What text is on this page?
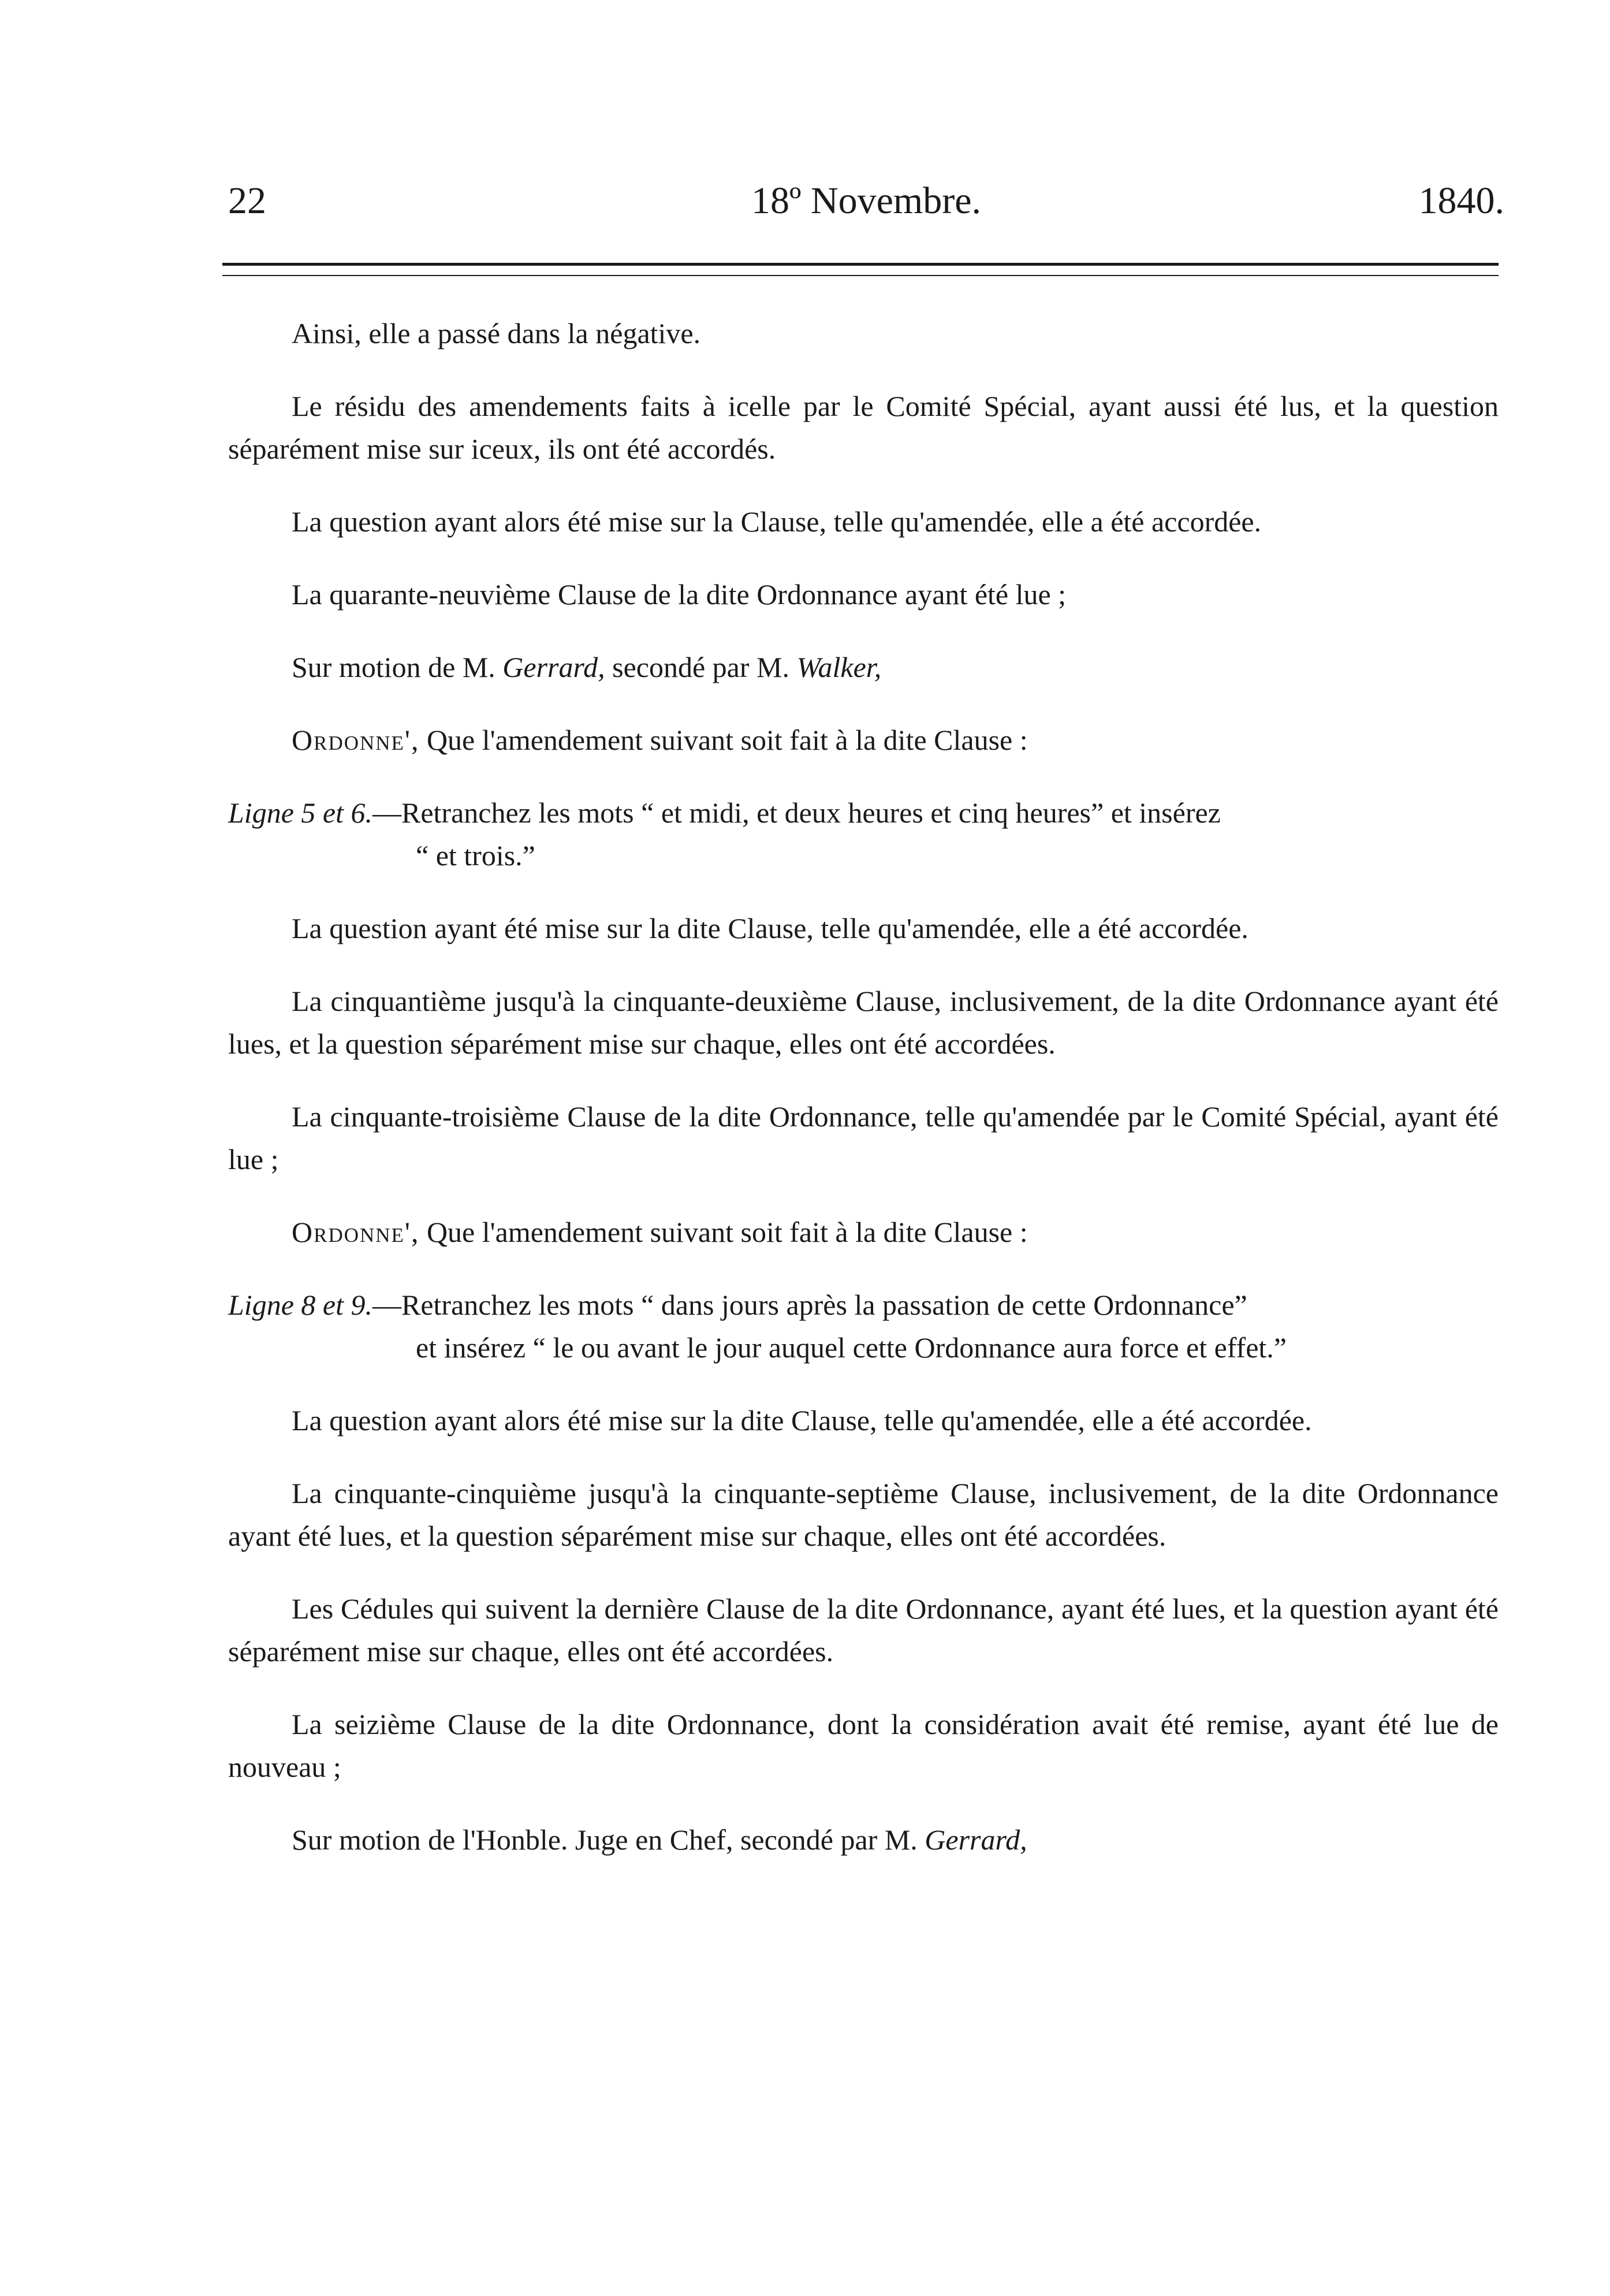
22	18º Novembre.	1840.

Ainsi, elle a passé dans la négative.

Le résidu des amendements faits à icelle par le Comité Spécial, ayant aussi été lus, et la question séparément mise sur iceux, ils ont été accordés.

La question ayant alors été mise sur la Clause, telle qu'amendée, elle a été accordée.

La quarante-neuvième Clause de la dite Ordonnance ayant été lue ;

Sur motion de M. Gerrard, secondé par M. Walker,

Ordonne', Que l'amendement suivant soit fait à la dite Clause :

Ligne 5 et 6.—Retranchez les mots “ et midi, et deux heures et cinq heures” et insérez
“ et trois.”

La question ayant été mise sur la dite Clause, telle qu'amendée, elle a été accordée.

La cinquantième jusqu'à la cinquante-deuxième Clause, inclusivement, de la dite Ordonnance ayant été lues, et la question séparément mise sur chaque, elles ont été accordées.

La cinquante-troisième Clause de la dite Ordonnance, telle qu'amendée par le Comité Spécial, ayant été lue ;

Ordonne', Que l'amendement suivant soit fait à la dite Clause :

Ligne 8 et 9.—Retranchez les mots “ dans jours après la passation de cette Ordonnance”
et insérez “ le ou avant le jour auquel cette Ordonnance aura force et effet.”

La question ayant alors été mise sur la dite Clause, telle qu'amendée, elle a été accordée.

La cinquante-cinquième jusqu'à la cinquante-septième Clause, inclusivement, de la dite Ordonnance ayant été lues, et la question séparément mise sur chaque, elles ont été accordées.

Les Cédules qui suivent la dernière Clause de la dite Ordonnance, ayant été lues, et la question ayant été séparément mise sur chaque, elles ont été accordées.

La seizième Clause de la dite Ordonnance, dont la considération avait été remise, ayant été lue de nouveau ;

Sur motion de l'Honble. Juge en Chef, secondé par M. Gerrard,
